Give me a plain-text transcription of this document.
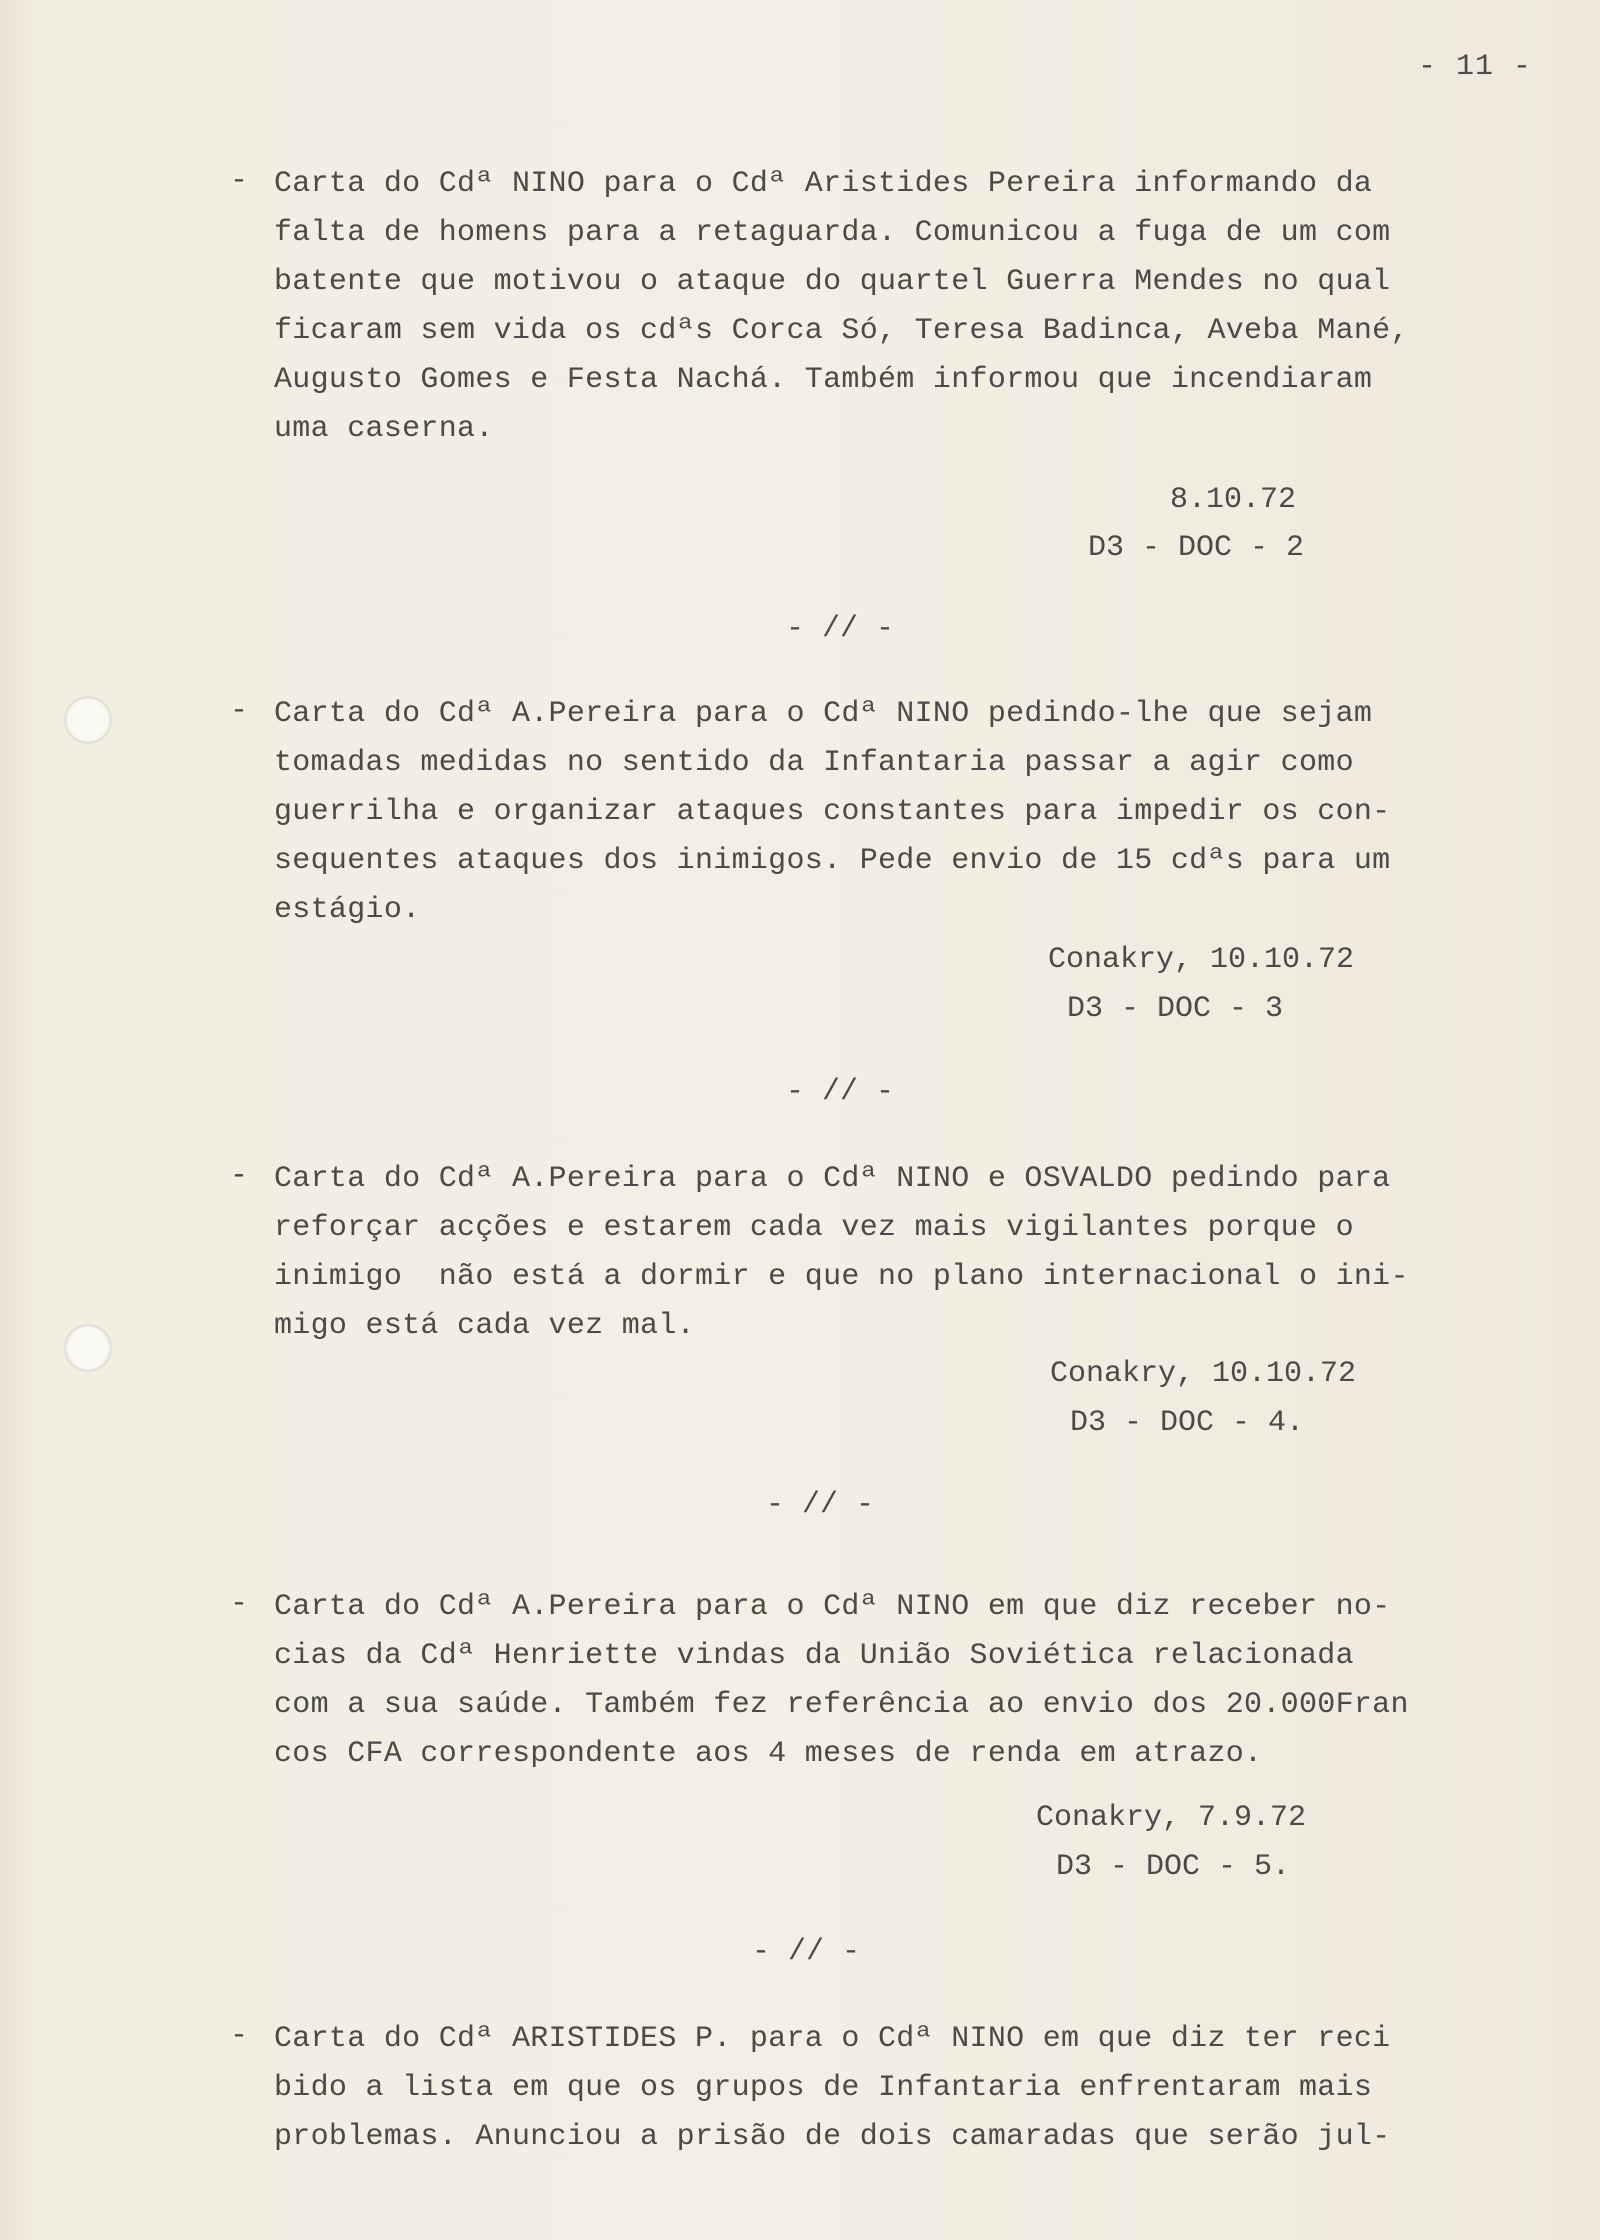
- 11 -
- Carta do Cdª NINO para o Cdª Aristides Pereira informando da
falta de homens para a retaguarda. Comunicou a fuga de um com
batente que motivou o ataque do quartel Guerra Mendes no qual
ficaram sem vida os cdªs Corca Só, Teresa Badinca, Aveba Mané,
Augusto Gomes e Festa Nachá. Também informou que incendiaram
uma caserna.
8.10.72
D3 - DOC - 2
- // -
- Carta do Cdª A.Pereira para o Cdª NINO pedindo-lhe que sejam
tomadas medidas no sentido da Infantaria passar a agir como
guerrilha e organizar ataques constantes para impedir os con-
sequentes ataques dos inimigos. Pede envio de 15 cdªs para um
estágio.
Conakry, 10.10.72
D3 - DOC - 3
- // -
- Carta do Cdª A.Pereira para o Cdª NINO e OSVALDO pedindo para
reforçar acções e estarem cada vez mais vigilantes porque o
inimigo  não está a dormir e que no plano internacional o ini-
migo está cada vez mal.
Conakry, 10.10.72
D3 - DOC - 4.
- // -
- Carta do Cdª A.Pereira para o Cdª NINO em que diz receber no-
cias da Cdª Henriette vindas da União Soviética relacionada
com a sua saúde. Também fez referência ao envio dos 20.000Fran
cos CFA correspondente aos 4 meses de renda em atrazo.
Conakry, 7.9.72
D3 - DOC - 5.
- // -
- Carta do Cdª ARISTIDES P. para o Cdª NINO em que diz ter reci
bido a lista em que os grupos de Infantaria enfrentaram mais
problemas. Anunciou a prisão de dois camaradas que serão jul-
